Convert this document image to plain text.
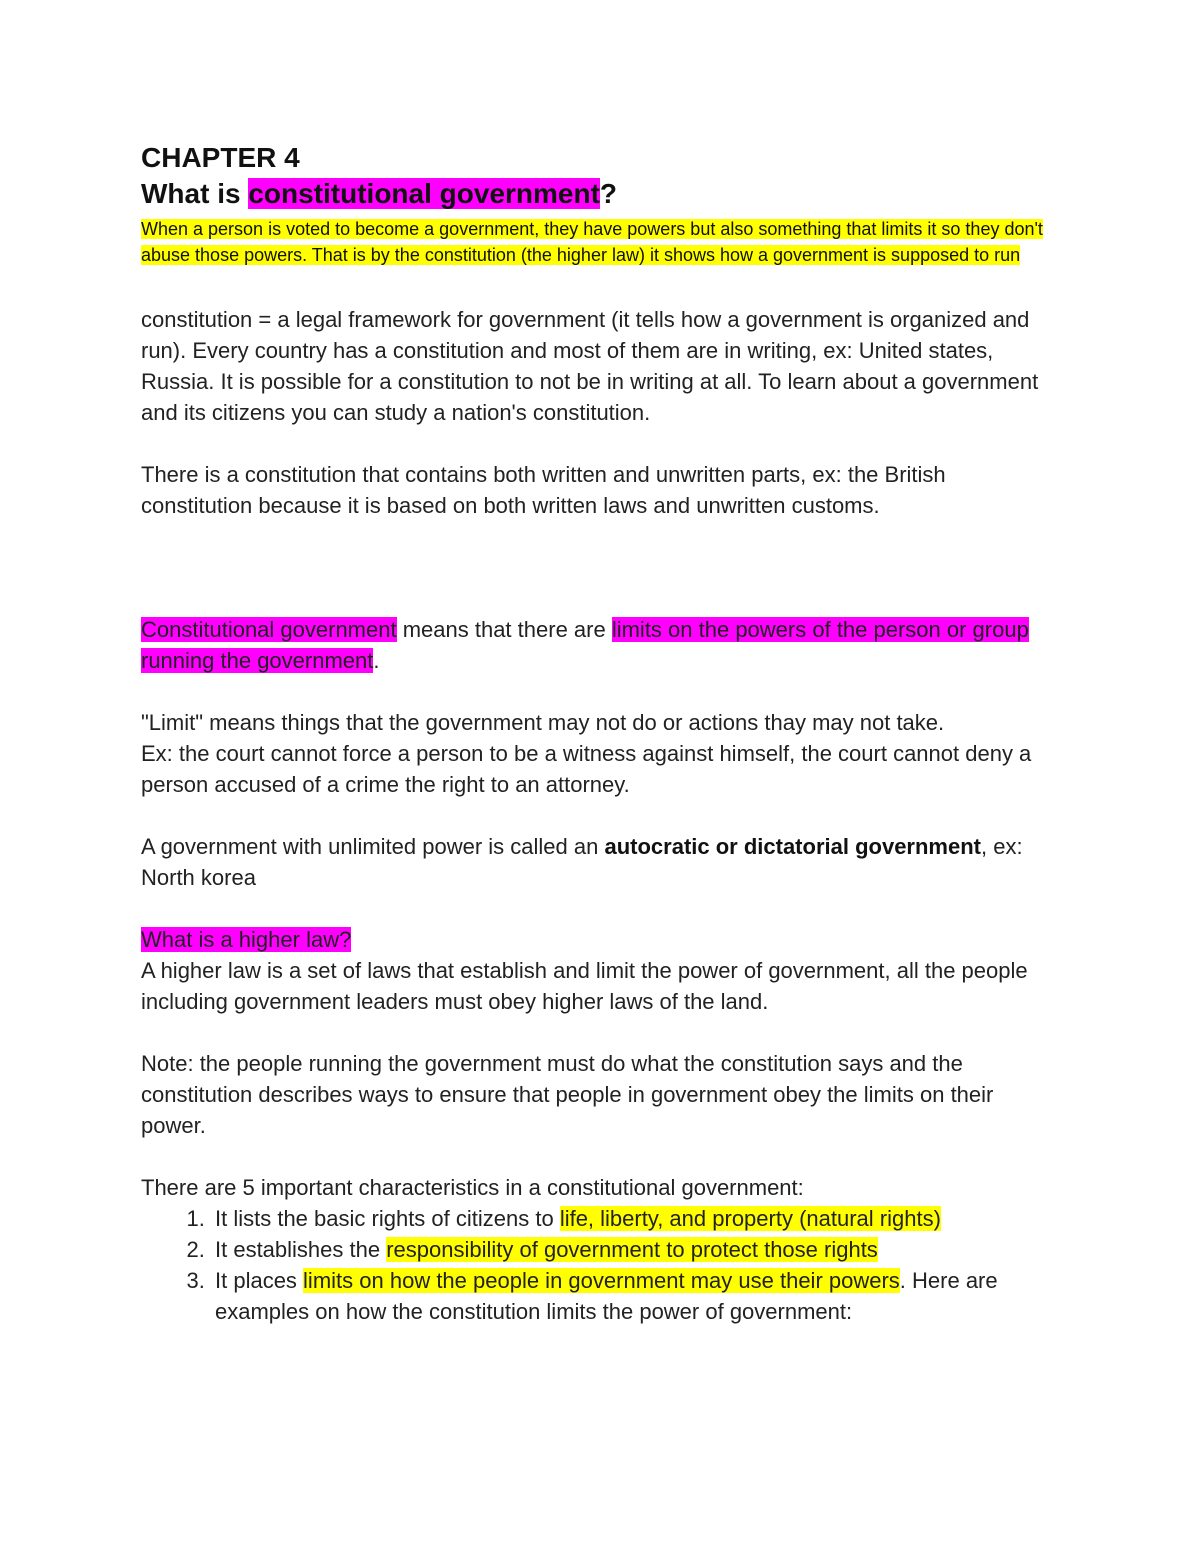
CHAPTER 4
What is constitutional government?
When a person is voted to become a government, they have powers but also something that limits it so they don't abuse those powers. That is by the constitution (the higher law) it shows how a government is supposed to run

constitution = a legal framework for government (it tells how a government is organized and run). Every country has a constitution and most of them are in writing, ex: United states, Russia. It is possible for a constitution to not be in writing at all. To learn about a government and its citizens you can study a nation's constitution.

There is a constitution that contains both written and unwritten parts, ex: the British constitution because it is based on both written laws and unwritten customs.

Constitutional government means that there are limits on the powers of the person or group running the government.

"Limit" means things that the government may not do or actions thay may not take.

Ex: the court cannot force a person to be a witness against himself, the court cannot deny a person accused of a crime the right to an attorney.

A government with unlimited power is called an autocratic or dictatorial government, ex: North korea

What is a higher law?

A higher law is a set of laws that establish and limit the power of government, all the people including government leaders must obey higher laws of the land.

Note: the people running the government must do what the constitution says and the constitution describes ways to ensure that people in government obey the limits on their power.

There are 5 important characteristics in a constitutional government:

1. It lists the basic rights of citizens to life, liberty, and property (natural rights)
2. It establishes the responsibility of government to protect those rights
3. It places limits on how the people in government may use their powers. Here are examples on how the constitution limits the power of government:
